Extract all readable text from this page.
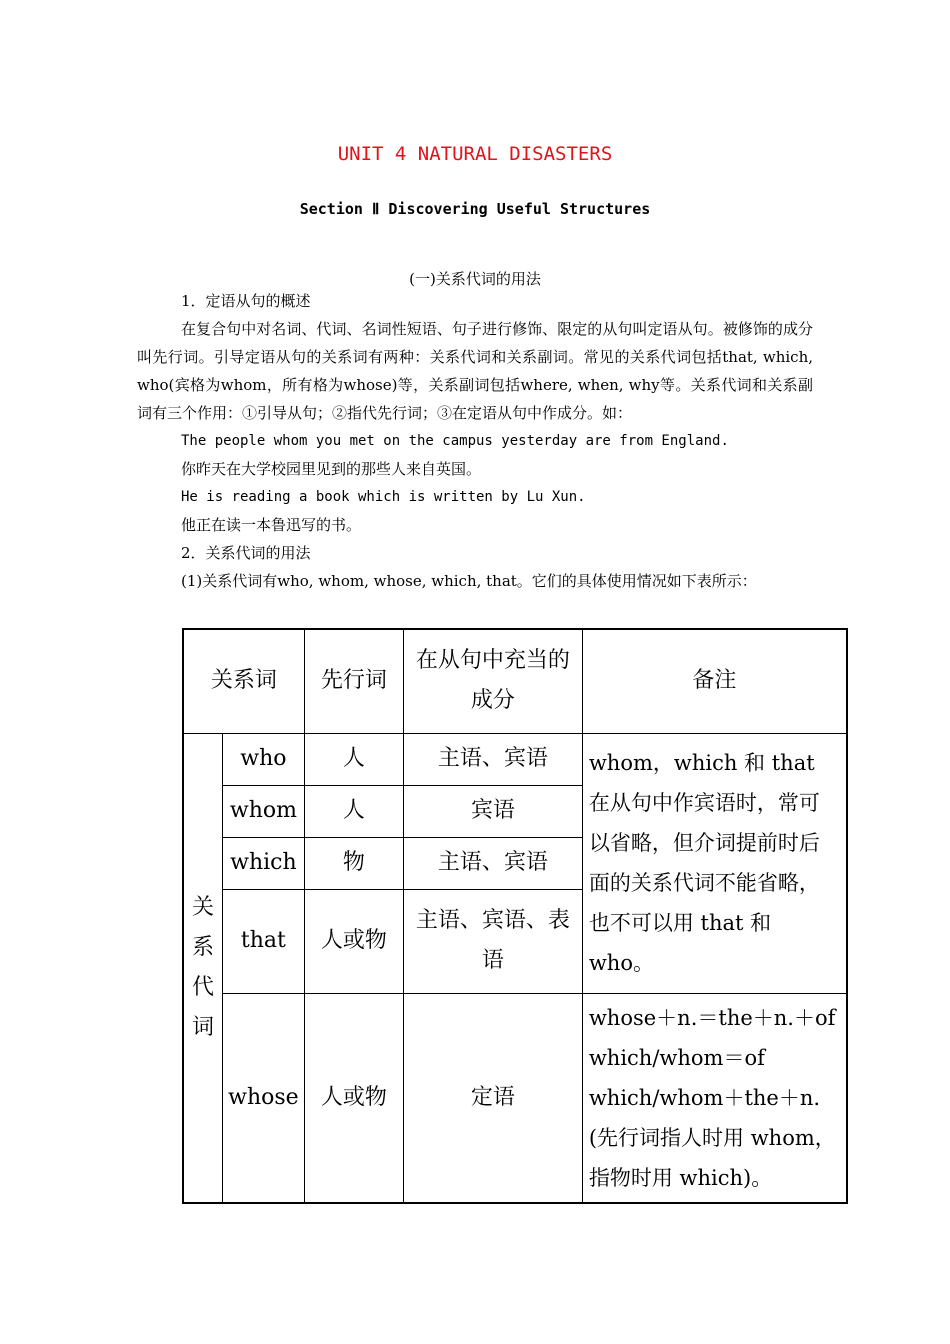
UNIT 4 NATURAL DISASTERS
Section Ⅱ Discovering Useful Structures
(一)关系代词的用法
1．定语从句的概述
在复合句中对名词、代词、名词性短语、句子进行修饰、限定的从句叫定语从句。被修饰的成分叫先行词。引导定语从句的关系词有两种：关系代词和关系副词。常见的关系代词包括that, which, who(宾格为whom，所有格为whose)等，关系副词包括where, when, why等。关系代词和关系副词有三个作用：①引导从句；②指代先行词；③在定语从句中作成分。如：
The people whom you met on the campus yesterday are from England.
你昨天在大学校园里见到的那些人来自英国。
He is reading a book which is written by Lu Xun.
他正在读一本鲁迅写的书。
2．关系代词的用法
(1)关系代词有who, whom, whose, which, that。它们的具体使用情况如下表所示：
关系词		先行词	在从句中充当的成分	备注
关系代词	who	人	主语、宾语	whom，which 和 that 在从句中作宾语时，常可以省略，但介词提前时后面的关系代词不能省略，也不可以用 that 和 who。
	whom	人	宾语	
	which	物	主语、宾语	
	that	人或物	主语、宾语、表语	
	whose	人或物	定语	whose＋n.＝the＋n.＋of which/whom＝of which/whom＋the＋n.(先行词指人时用 whom，指物时用 which)。
